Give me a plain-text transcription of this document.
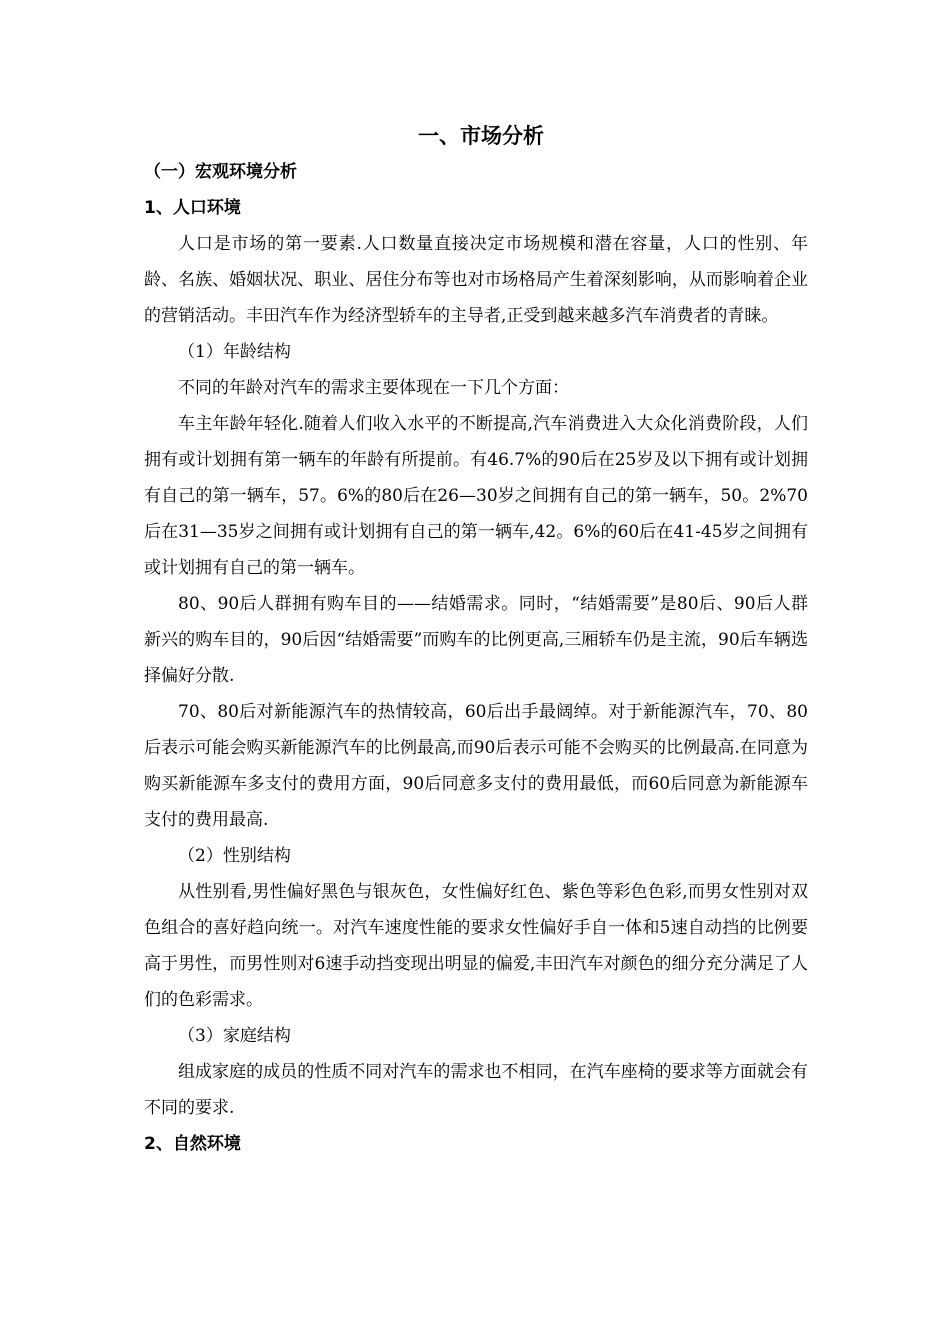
一、市场分析
（一）宏观环境分析
1、人口环境

人口是市场的第一要素.人口数量直接决定市场规模和潜在容量，人口的性别、年龄、名族、婚姻状况、职业、居住分布等也对市场格局产生着深刻影响，从而影响着企业的营销活动。丰田汽车作为经济型轿车的主导者,正受到越来越多汽车消费者的青睐。

（1）年龄结构

不同的年龄对汽车的需求主要体现在一下几个方面：

车主年龄年轻化.随着人们收入水平的不断提高,汽车消费进入大众化消费阶段，人们拥有或计划拥有第一辆车的年龄有所提前。有46.7%的90后在25岁及以下拥有或计划拥有自己的第一辆车，57。6%的80后在26—30岁之间拥有自己的第一辆车，50。2%70后在31—35岁之间拥有或计划拥有自己的第一辆车,42。6%的60后在41-45岁之间拥有或计划拥有自己的第一辆车。

80、90后人群拥有购车目的——结婚需求。同时，“结婚需要”是80后、90后人群新兴的购车目的，90后因“结婚需要”而购车的比例更高,三厢轿车仍是主流，90后车辆选择偏好分散.

70、80后对新能源汽车的热情较高，60后出手最阔绰。对于新能源汽车，70、80后表示可能会购买新能源汽车的比例最高,而90后表示可能不会购买的比例最高.在同意为购买新能源车多支付的费用方面，90后同意多支付的费用最低，而60后同意为新能源车支付的费用最高.

（2）性别结构

从性别看,男性偏好黑色与银灰色，女性偏好红色、紫色等彩色色彩,而男女性别对双色组合的喜好趋向统一。对汽车速度性能的要求女性偏好手自一体和5速自动挡的比例要高于男性，而男性则对6速手动挡变现出明显的偏爱,丰田汽车对颜色的细分充分满足了人们的色彩需求。

（3）家庭结构

组成家庭的成员的性质不同对汽车的需求也不相同，在汽车座椅的要求等方面就会有不同的要求.

2、自然环境
